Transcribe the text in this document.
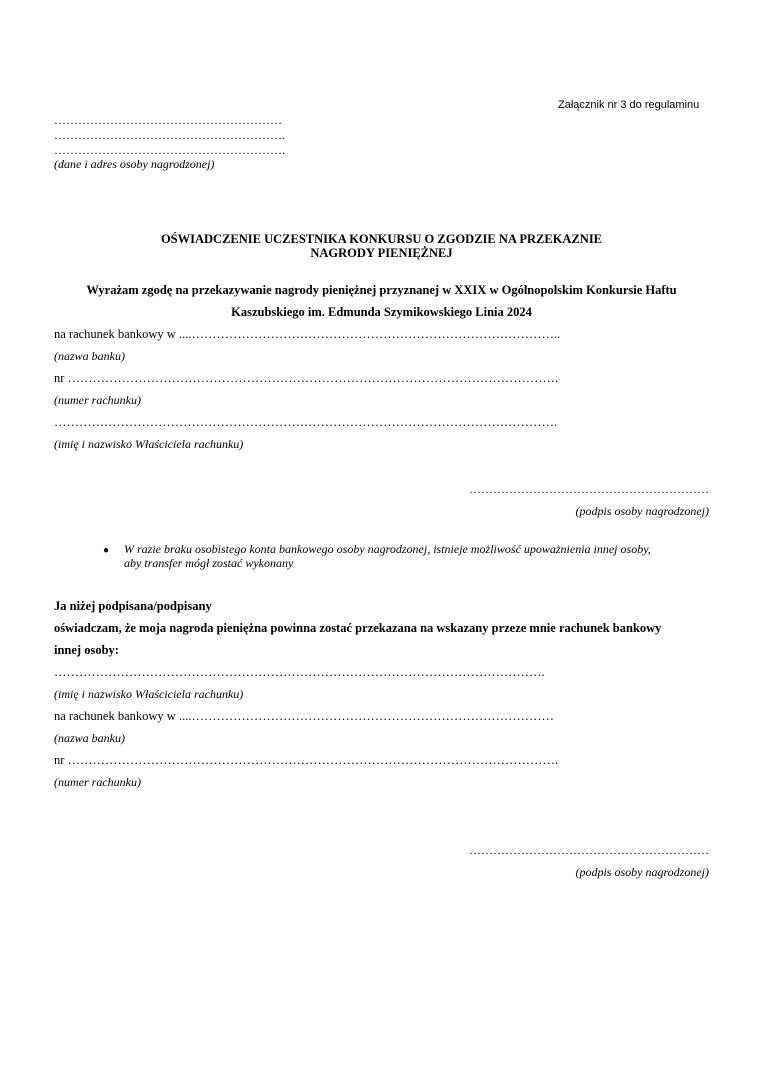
Załącznik nr 3 do regulaminu
…………………………………………………
………………………………………………….
………………………………………………….
(dane i adres osoby nagrodzonej)
OŚWIADCZENIE UCZESTNIKA KONKURSU O ZGODZIE NA PRZEKAZNIE
NAGRODY PIENIĘŻNEJ
Wyrażam zgodę na przekazywanie nagrody pieniężnej przyznanej w XXIX w Ogólnopolskim Konkursie Haftu
Kaszubskiego im. Edmunda Szymikowskiego Linia 2024
na rachunek bankowy w ....……………………………………………………………………………..
(nazwa banku)
nr ……………………………………………………………………………………………………….
(numer rachunku)
………………………………………………………………………………………………………….
(imię i nazwisko Właściciela rachunku)
……………………………………………………
(podpis osoby nagrodzonej)
● W razie braku osobistego konta bankowego osoby nagrodzonej, istnieje możliwość upoważnienia innej osoby,
aby transfer mógł zostać wykonany
Ja niżej podpisana/podpisany
oświadczam, że moja nagroda pieniężna powinna zostać przekazana na wskazany przeze mnie rachunek bankowy
innej osoby:
……………………………………………………………………………………………………….
(imię i nazwisko Właściciela rachunku)
na rachunek bankowy w ....……………………………………………………………………………
(nazwa banku)
nr ……………………………………………………………………………………………………….
(numer rachunku)
……………………………………………………
(podpis osoby nagrodzonej)
